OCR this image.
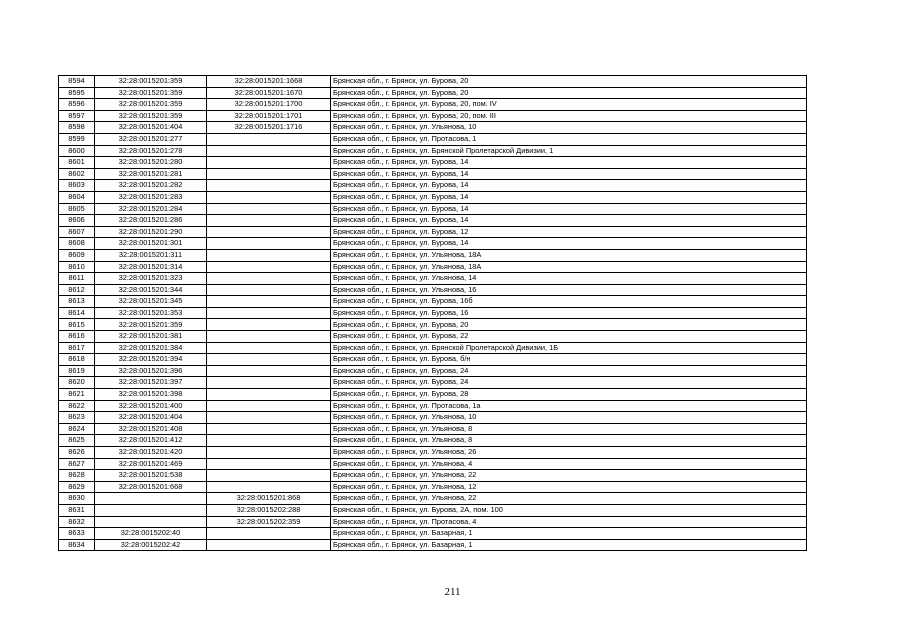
8594	32:28:0015201:359	32:28:0015201:1668	Брянская обл., г. Брянск, ул. Бурова, 20
8595	32:28:0015201:359	32:28:0015201:1670	Брянская обл., г. Брянск, ул. Бурова, 20
8596	32:28:0015201:359	32:28:0015201:1700	Брянская обл., г. Брянск, ул. Бурова, 20, пом. IV
8597	32:28:0015201:359	32:28:0015201:1701	Брянская обл., г. Брянск, ул. Бурова, 20, пом. III
8598	32:28:0015201:404	32:28:0015201:1716	Брянская обл., г. Брянск, ул. Ульянова, 10
8599	32:28:0015201:277		Брянская обл., г. Брянск, ул. Протасова, 1
8600	32:28:0015201:278		Брянская обл., г. Брянск, ул. Брянской Пролетарской Дивизии, 1
8601	32:28:0015201:280		Брянская обл., г. Брянск, ул. Бурова, 14
8602	32:28:0015201:281		Брянская обл., г. Брянск, ул. Бурова, 14
8603	32:28:0015201:282		Брянская обл., г. Брянск, ул. Бурова, 14
8604	32:28:0015201:283		Брянская обл., г. Брянск, ул. Бурова, 14
8605	32:28:0015201:284		Брянская обл., г. Брянск, ул. Бурова, 14
8606	32:28:0015201:286		Брянская обл., г. Брянск, ул. Бурова, 14
8607	32:28:0015201:290		Брянская обл., г. Брянск, ул. Бурова, 12
8608	32:28:0015201:301		Брянская обл., г. Брянск, ул. Бурова, 14
8609	32:28:0015201:311		Брянская обл., г. Брянск, ул. Ульянова, 18А
8610	32:28:0015201:314		Брянская обл., г. Брянск, ул. Ульянова, 18А
8611	32:28:0015201:323		Брянская обл., г. Брянск, ул. Ульянова, 14
8612	32:28:0015201:344		Брянская обл., г. Брянск, ул. Ульянова, 16
8613	32:28:0015201:345		Брянская обл., г. Брянск, ул. Бурова, 16б
8614	32:28:0015201:353		Брянская обл., г. Брянск, ул. Бурова, 16
8615	32:28:0015201:359		Брянская обл., г. Брянск, ул. Бурова, 20
8616	32:28:0015201:381		Брянская обл., г. Брянск, ул. Бурова, 22
8617	32:28:0015201:384		Брянская обл., г. Брянск, ул. Брянской Пролетарской Дивизии, 1Б
8618	32:28:0015201:394		Брянская обл., г. Брянск, ул. Бурова, б/н
8619	32:28:0015201:396		Брянская обл., г. Брянск, ул. Бурова, 24
8620	32:28:0015201:397		Брянская обл., г. Брянск, ул. Бурова, 24
8621	32:28:0015201:398		Брянская обл., г. Брянск, ул. Бурова, 28
8622	32:28:0015201:400		Брянская обл., г. Брянск, ул. Протасова, 1а
8623	32:28:0015201:404		Брянская обл., г. Брянск, ул. Ульянова, 10
8624	32:28:0015201:408		Брянская обл., г. Брянск, ул. Ульянова, 8
8625	32:28:0015201:412		Брянская обл., г. Брянск, ул. Ульянова, 8
8626	32:28:0015201:420		Брянская обл., г. Брянск, ул. Ульянова, 26
8627	32:28:0015201:469		Брянская обл., г. Брянск, ул. Ульянова, 4
8628	32:28:0015201:538		Брянская обл., г. Брянск, ул. Ульянова, 22
8629	32:28:0015201:668		Брянская обл., г. Брянск, ул. Ульянова, 12
8630		32:28:0015201:868	Брянская обл., г. Брянск, ул. Ульянова, 22
8631		32:28:0015202:288	Брянская обл., г. Брянск, ул. Бурова, 2А, пом. 100
8632		32:28:0015202:359	Брянская обл., г. Брянск, ул. Протасова, 4
8633	32:28:0015202:40		Брянская обл., г. Брянск, ул. Базарная, 1
8634	32:28:0015202:42		Брянская обл., г. Брянск, ул. Базарная, 1
211
